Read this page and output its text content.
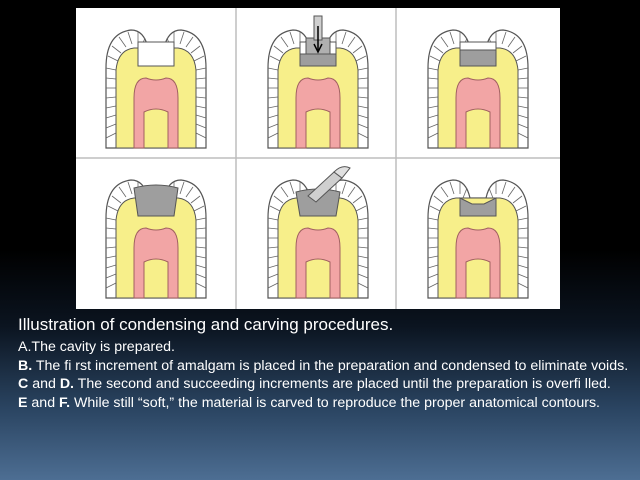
Illustration of condensing and carving procedures.
A.The cavity is prepared.
B. The fi rst increment of amalgam is placed in the preparation and condensed to eliminate voids.
C and D. The second and succeeding increments are placed until the preparation is overfi lled.
E and F. While still “soft,” the material is carved to reproduce the proper anatomical contours.
